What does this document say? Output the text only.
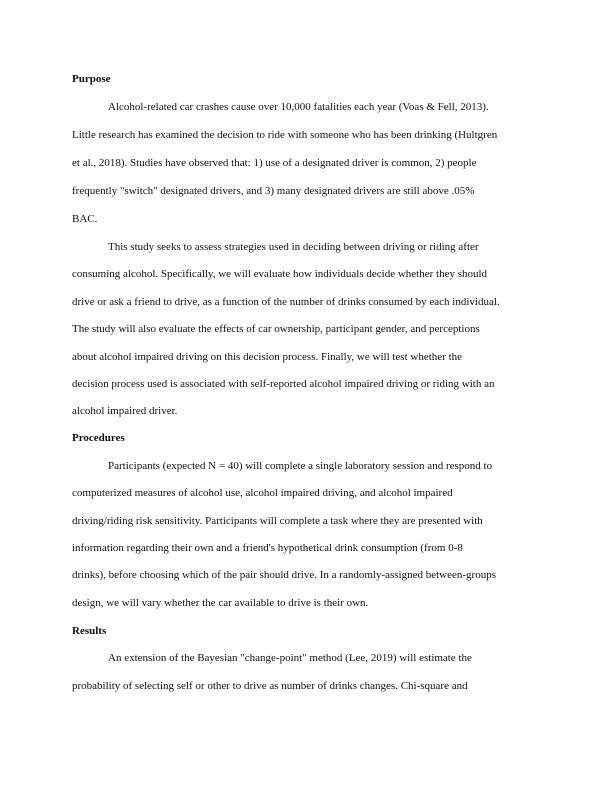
Purpose
Alcohol-related car crashes cause over 10,000 fatalities each year (Voas & Fell, 2013).
Little research has examined the decision to ride with someone who has been drinking (Hultgren
et al., 2018). Studies have observed that: 1) use of a designated driver is common, 2) people
frequently "switch" designated drivers, and 3) many designated drivers are still above .05%
BAC.
This study seeks to assess strategies used in deciding between driving or riding after
consuming alcohol. Specifically, we will evaluate how individuals decide whether they should
drive or ask a friend to drive, as a function of the number of drinks consumed by each individual.
The study will also evaluate the effects of car ownership, participant gender, and perceptions
about alcohol impaired driving on this decision process. Finally, we will test whether the
decision process used is associated with self-reported alcohol impaired driving or riding with an
alcohol impaired driver.
Procedures
Participants (expected N = 40) will complete a single laboratory session and respond to
computerized measures of alcohol use, alcohol impaired driving, and alcohol impaired
driving/riding risk sensitivity. Participants will complete a task where they are presented with
information regarding their own and a friend's hypothetical drink consumption (from 0-8
drinks), before choosing which of the pair should drive. In a randomly-assigned between-groups
design, we will vary whether the car available to drive is their own.
Results
An extension of the Bayesian "change-point" method (Lee, 2019) will estimate the
probability of selecting self or other to drive as number of drinks changes. Chi-square and
